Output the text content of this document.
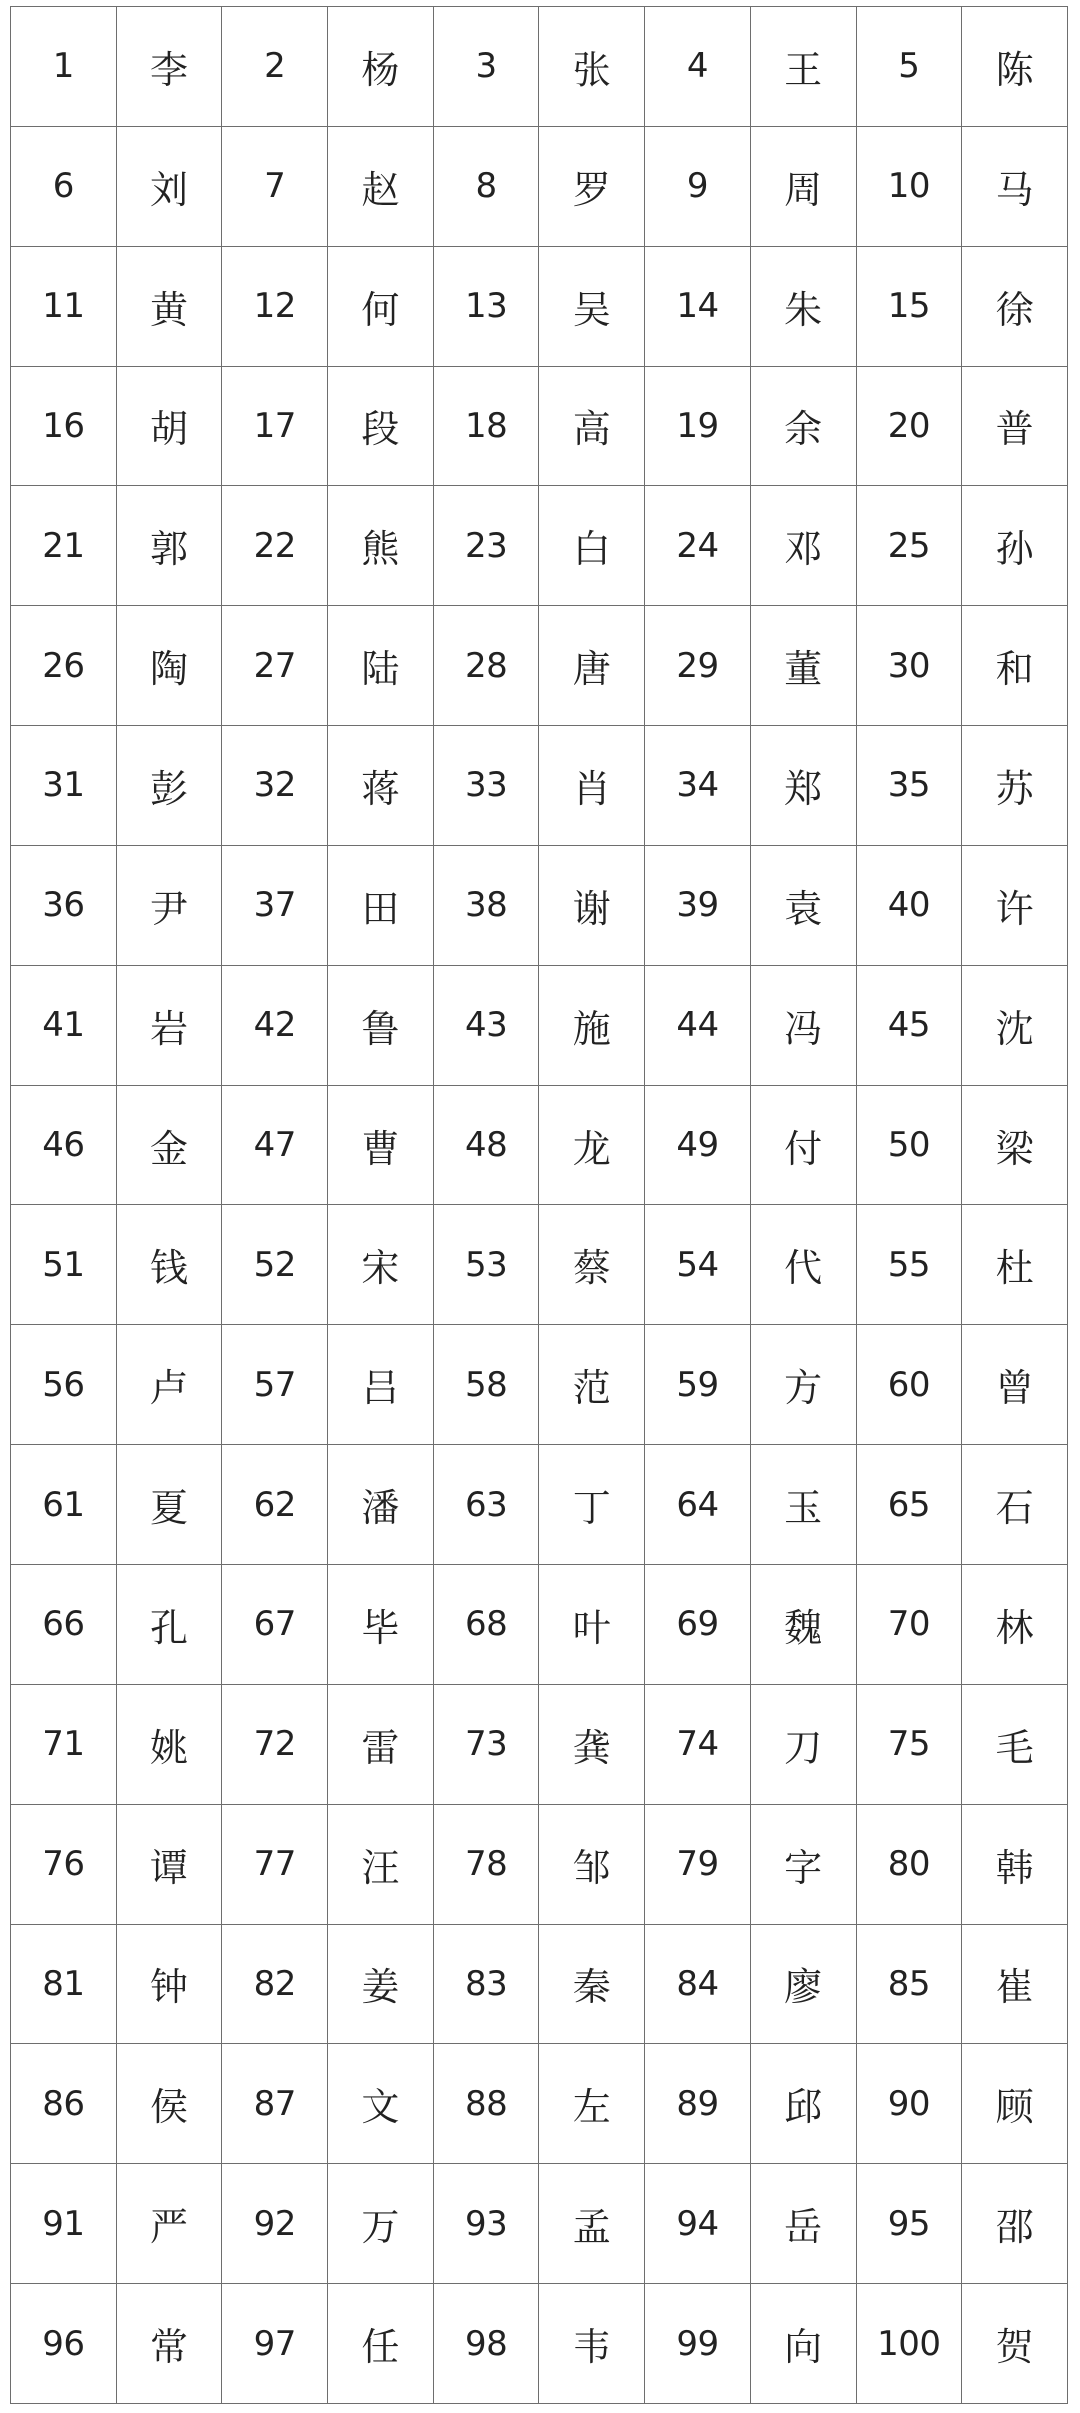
1	李	2	杨	3	张	4	王	5	陈
6	刘	7	赵	8	罗	9	周	10	马
11	黄	12	何	13	吴	14	朱	15	徐
16	胡	17	段	18	高	19	余	20	普
21	郭	22	熊	23	白	24	邓	25	孙
26	陶	27	陆	28	唐	29	董	30	和
31	彭	32	蒋	33	肖	34	郑	35	苏
36	尹	37	田	38	谢	39	袁	40	许
41	岩	42	鲁	43	施	44	冯	45	沈
46	金	47	曹	48	龙	49	付	50	梁
51	钱	52	宋	53	蔡	54	代	55	杜
56	卢	57	吕	58	范	59	方	60	曾
61	夏	62	潘	63	丁	64	玉	65	石
66	孔	67	毕	68	叶	69	魏	70	林
71	姚	72	雷	73	龚	74	刀	75	毛
76	谭	77	汪	78	邹	79	字	80	韩
81	钟	82	姜	83	秦	84	廖	85	崔
86	侯	87	文	88	左	89	邱	90	顾
91	严	92	万	93	孟	94	岳	95	邵
96	常	97	任	98	韦	99	向	100	贺
